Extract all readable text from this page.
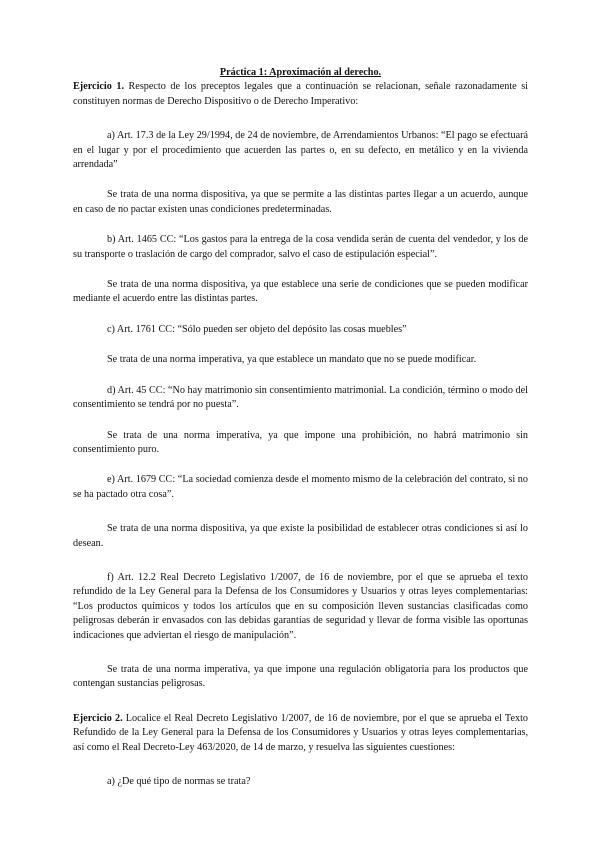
Práctica 1: Aproximación al derecho.

Ejercicio 1. Respecto de los preceptos legales que a continuación se relacionan, señale razonadamente si constituyen normas de Derecho Dispositivo o de Derecho Imperativo:

a) Art. 17.3 de la Ley 29/1994, de 24 de noviembre, de Arrendamientos Urbanos: “El pago se efectuará en el lugar y por el procedimiento que acuerden las partes o, en su defecto, en metálico y en la vivienda arrendada”

Se trata de una norma dispositiva, ya que se permite a las distintas partes llegar a un acuerdo, aunque en caso de no pactar existen unas condiciones predeterminadas.

b) Art. 1465 CC: “Los gastos para la entrega de la cosa vendida serán de cuenta del vendedor, y los de su transporte o traslación de cargo del comprador, salvo el caso de estipulación especial”.

Se trata de una norma dispositiva, ya que establece una serie de condiciones que se pueden modificar mediante el acuerdo entre las distintas partes.

c) Art. 1761 CC: “Sólo pueden ser objeto del depósito las cosas muebles”

Se trata de una norma imperativa, ya que establece un mandato que no se puede modificar.

d) Art. 45 CC: “No hay matrimonio sin consentimiento matrimonial. La condición, término o modo del consentimiento se tendrá por no puesta”.

Se trata de una norma imperativa, ya que impone una prohibición, no habrá matrimonio sin consentimiento puro.

e) Art. 1679 CC: “La sociedad comienza desde el momento mismo de la celebración del contrato, si no se ha pactado otra cosa”.

Se trata de una norma dispositiva, ya que existe la posibilidad de establecer otras condiciones si así lo desean.

f) Art. 12.2 Real Decreto Legislativo 1/2007, de 16 de noviembre, por el que se aprueba el texto refundido de la Ley General para la Defensa de los Consumidores y Usuarios y otras leyes complementarias: “Los productos químicos y todos los artículos que en su composición lleven sustancias clasificadas como peligrosas deberán ir envasados con las debidas garantías de seguridad y llevar de forma visible las oportunas indicaciones que adviertan el riesgo de manipulación”.

Se trata de una norma imperativa, ya que impone una regulación obligatoria para los productos que contengan sustancias peligrosas.

Ejercicio 2. Localice el Real Decreto Legislativo 1/2007, de 16 de noviembre, por el que se aprueba el Texto Refundido de la Ley General para la Defensa de los Consumidores y Usuarios y otras leyes complementarias, así como el Real Decreto-Ley 463/2020, de 14 de marzo, y resuelva las siguientes cuestiones:

a) ¿De qué tipo de normas se trata?
